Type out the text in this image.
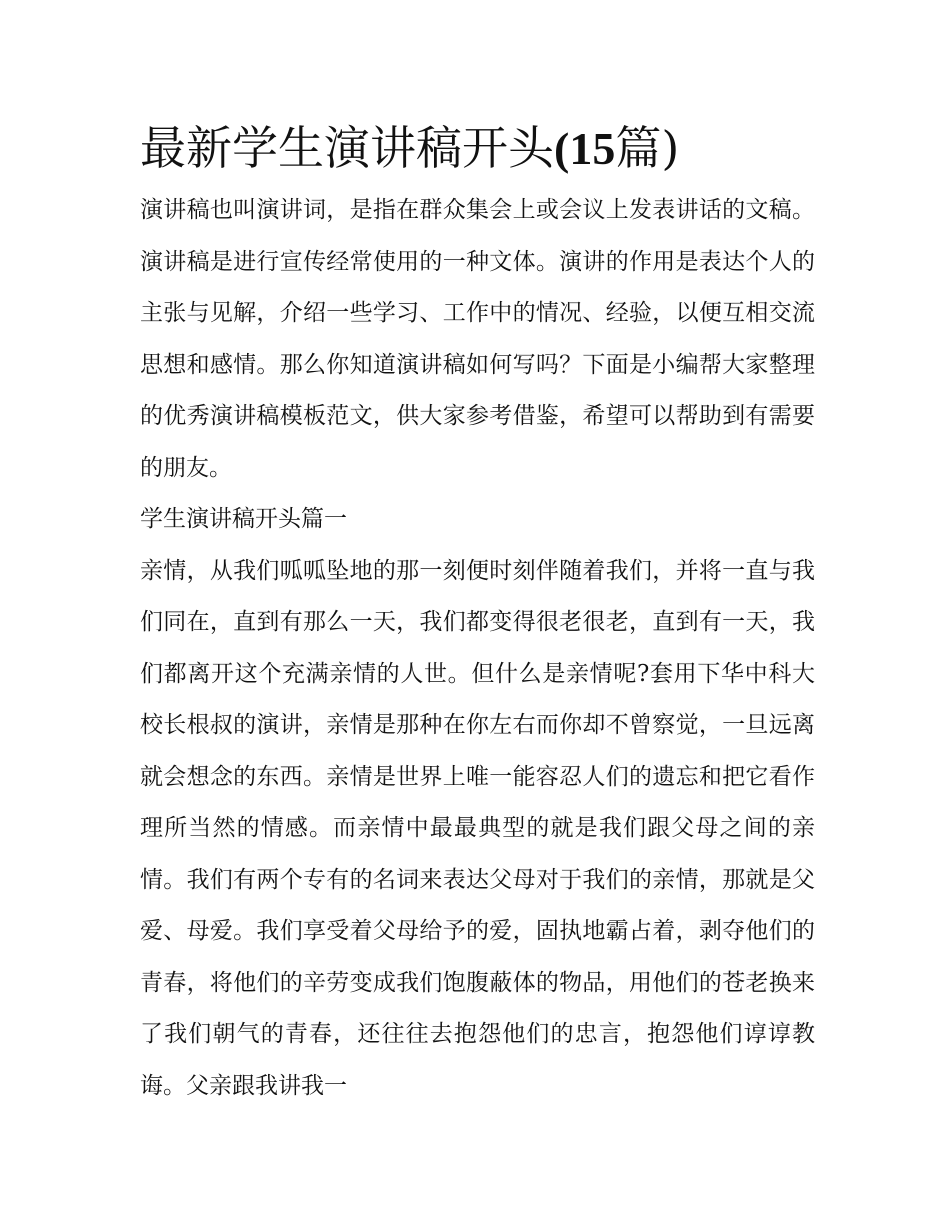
最新学生演讲稿开头(15篇)

演讲稿也叫演讲词，是指在群众集会上或会议上发表讲话的文稿。演讲稿是进行宣传经常使用的一种文体。演讲的作用是表达个人的主张与见解，介绍一些学习、工作中的情况、经验，以便互相交流思想和感情。那么你知道演讲稿如何写吗？下面是小编帮大家整理的优秀演讲稿模板范文，供大家参考借鉴，希望可以帮助到有需要的朋友。

学生演讲稿开头篇一

亲情，从我们呱呱坠地的那一刻便时刻伴随着我们，并将一直与我们同在，直到有那么一天，我们都变得很老很老，直到有一天，我们都离开这个充满亲情的人世。但什么是亲情呢?套用下华中科大校长根叔的演讲，亲情是那种在你左右而你却不曾察觉，一旦远离就会想念的东西。亲情是世界上唯一能容忍人们的遗忘和把它看作理所当然的情感。而亲情中最最典型的就是我们跟父母之间的亲情。我们有两个专有的名词来表达父母对于我们的亲情，那就是父爱、母爱。我们享受着父母给予的爱，固执地霸占着，剥夺他们的青春，将他们的辛劳变成我们饱腹蔽体的物品，用他们的苍老换来了我们朝气的青春，还往往去抱怨他们的忠言，抱怨他们谆谆教诲。父亲跟我讲我一
